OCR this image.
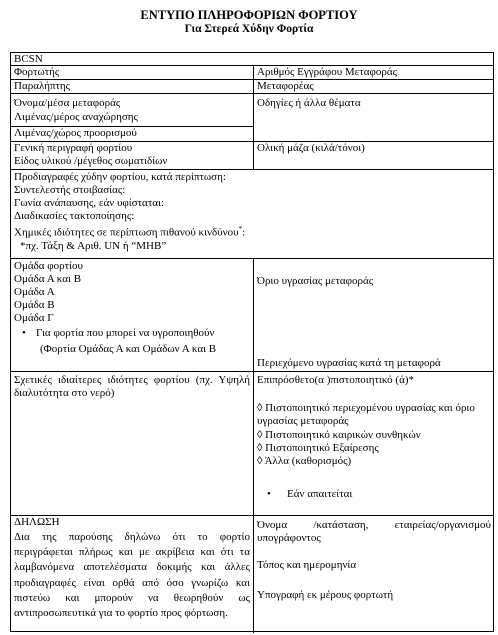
ΕΝΤΥΠΟ ΠΛΗΡΟΦΟΡΙΩΝ ΦΟΡΤΙΟΥ
Για Στερεά Χύδην Φορτία
BCSN
Φορτωτής	Αριθμός Εγγράφου Μεταφοράς
Παραλήπτης	Μεταφορέας
Όνομα/μέσα μεταφοράς
Λιμένας/μέρος αναχώρησης
Λιμένας/χώρος προορισμού
Οδηγίες ή άλλα θέματα
Γενική περιγραφή φορτίου
Είδος υλικού /μέγεθος σωματιδίων
Ολική μάζα (κιλά/τόνοι)
Προδιαγραφές χύδην φορτίου, κατά περίπτωση:
Συντελεστής στοιβασίας:
Γωνία ανάπαυσης, εάν υφίσταται:
Διαδικασίες τακτοποίησης:
Χημικές ιδιότητες σε περίπτωση πιθανού κινδύνου*:
*πχ. Τάξη & Αριθ. UN ή “MHB”
Ομάδα φορτίου
Ομάδα Α και Β
Ομάδα Α
Ομάδα Β
Ομάδα Γ
• Για φορτία που μπορεί να υγροποιηθούν
(Φορτία Ομάδας Α και Ομάδων Α και Β
Όριο υγρασίας μεταφοράς
Περιεχόμενο υγρασίας κατά τη μεταφορά
Σχετικές ιδιαίτερες ιδιότητες φορτίου (πχ. Υψηλή διαλυτότητα στο νερό)
Επιπρόσθετο(α )πιστοποιητικό (ά)*
◊ Πιστοποιητικό περιεχομένου υγρασίας και όριο υγρασίας μεταφοράς
◊ Πιστοποιητικό καιρικών συνθηκών
◊ Πιστοποιητικό Εξαίρεσης
◊ Άλλα (καθορισμός)
• Εάν απαιτείται
ΔΗΛΩΣΗ
Δια της παρούσης δηλώνω ότι το φορτίο περιγράφεται πλήρως και με ακρίβεια και ότι τα λαμβανόμενα αποτελέσματα δοκιμής και άλλες προδιαγραφές είναι ορθά από όσο γνωρίζω και πιστεύω και μπορούν να θεωρηθούν ως αντιπροσωπευτικά για το φορτίο προς φόρτωση.
Όνομα /κατάσταση, εταιρείας/οργανισμού υπογράφοντος
Τόπος και ημερομηνία
Υπογραφή εκ μέρους φορτωτή
